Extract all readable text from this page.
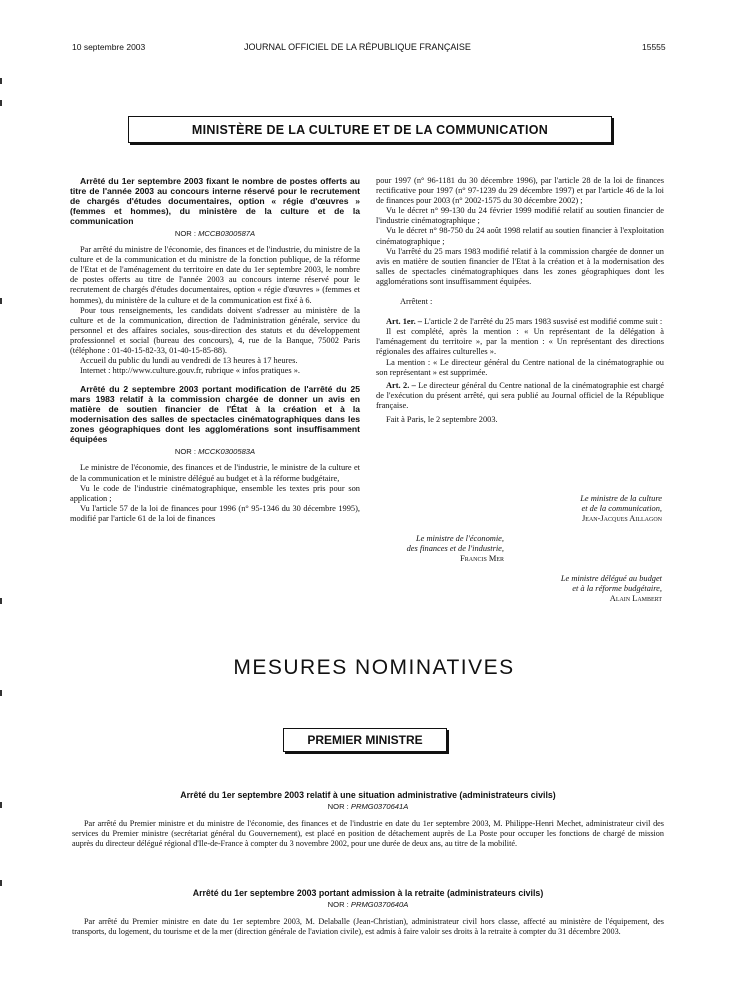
10 septembre 2003	JOURNAL OFFICIEL DE LA RÉPUBLIQUE FRANÇAISE	15555
MINISTÈRE DE LA CULTURE ET DE LA COMMUNICATION

Arrêté du 1er septembre 2003 fixant le nombre de postes offerts au titre de l'année 2003 au concours interne réservé pour le recrutement de chargés d'études documentaires, option « régie d'œuvres » (femmes et hommes), du ministère de la culture et de la communication

NOR : MCCB0300587A

Par arrêté du ministre de l'économie, des finances et de l'industrie, du ministre de la culture et de la communication et du ministre de la fonction publique, de la réforme de l'Etat et de l'aménagement du territoire en date du 1er septembre 2003, le nombre de postes offerts au titre de l'année 2003 au concours interne réservé pour le recrutement de chargés d'études documentaires, option « régie d'œuvres » (femmes et hommes), du ministère de la culture et de la communication est fixé à 6.

Pour tous renseignements, les candidats doivent s'adresser au ministère de la culture et de la communication, direction de l'administration générale, service du personnel et des affaires sociales, sous-direction des statuts et du développement professionnel et social (bureau des concours), 4, rue de la Banque, 75002 Paris (téléphone : 01-40-15-82-33, 01-40-15-85-88).

Accueil du public du lundi au vendredi de 13 heures à 17 heures.

Internet : http://www.culture.gouv.fr, rubrique « infos pratiques ».

Arrêté du 2 septembre 2003 portant modification de l'arrêté du 25 mars 1983 relatif à la commission chargée de donner un avis en matière de soutien financier de l'État à la création et à la modernisation des salles de spectacles cinématographiques dans les zones géographiques dont les agglomérations sont insuffisamment équipées

NOR : MCCK0300583A

Le ministre de l'économie, des finances et de l'industrie, le ministre de la culture et de la communication et le ministre délégué au budget et à la réforme budgétaire,

Vu le code de l'industrie cinématographique, ensemble les textes pris pour son application ;

Vu l'article 57 de la loi de finances pour 1996 (n° 95-1346 du 30 décembre 1995), modifié par l'article 61 de la loi de finances

pour 1997 (n° 96-1181 du 30 décembre 1996), par l'article 28 de la loi de finances rectificative pour 1997 (n° 97-1239 du 29 décembre 1997) et par l'article 46 de la loi de finances pour 2003 (n° 2002-1575 du 30 décembre 2002) ;

Vu le décret n° 99-130 du 24 février 1999 modifié relatif au soutien financier de l'industrie cinématographique ;

Vu le décret n° 98-750 du 24 août 1998 relatif au soutien financier à l'exploitation cinématographique ;

Vu l'arrêté du 25 mars 1983 modifié relatif à la commission chargée de donner un avis en matière de soutien financier de l'Etat à la création et à la modernisation des salles de spectacles cinématographiques dans les zones géographiques dont les agglomérations sont insuffisamment équipées.

Arrêtent :

Art. 1er. – L'article 2 de l'arrêté du 25 mars 1983 susvisé est modifié comme suit :

Il est complété, après la mention : « Un représentant de la délégation à l'aménagement du territoire », par la mention : « Un représentant des directions régionales des affaires culturelles ».

La mention : « Le directeur général du Centre national de la cinématographie ou son représentant » est supprimée.

Art. 2. – Le directeur général du Centre national de la cinématographie est chargé de l'exécution du présent arrêté, qui sera publié au Journal officiel de la République française.

Fait à Paris, le 2 septembre 2003.

Le ministre de la culture
et de la communication,
Jean-Jacques Aillagon
Le ministre de l'économie,
des finances et de l'industrie,
Francis Mer
Le ministre délégué au budget
et à la réforme budgétaire,
Alain Lambert
MESURES NOMINATIVES
PREMIER MINISTRE
Arrêté du 1er septembre 2003 relatif à une situation administrative (administrateurs civils)
NOR : PRMG0370641A

Par arrêté du Premier ministre et du ministre de l'économie, des finances et de l'industrie en date du 1er septembre 2003, M. Philippe-Henri Mechet, administrateur civil des services du Premier ministre (secrétariat général du Gouvernement), est placé en position de détachement auprès de La Poste pour occuper les fonctions de chargé de mission auprès du directeur délégué régional d'Ile-de-France à compter du 3 novembre 2002, pour une durée de deux ans, au titre de la mobilité.

Arrêté du 1er septembre 2003 portant admission à la retraite (administrateurs civils)
NOR : PRMG0370640A

Par arrêté du Premier ministre en date du 1er septembre 2003, M. Delaballe (Jean-Christian), administrateur civil hors classe, affecté au ministère de l'équipement, des transports, du logement, du tourisme et de la mer (direction générale de l'aviation civile), est admis à faire valoir ses droits à la retraite à compter du 31 décembre 2003.
